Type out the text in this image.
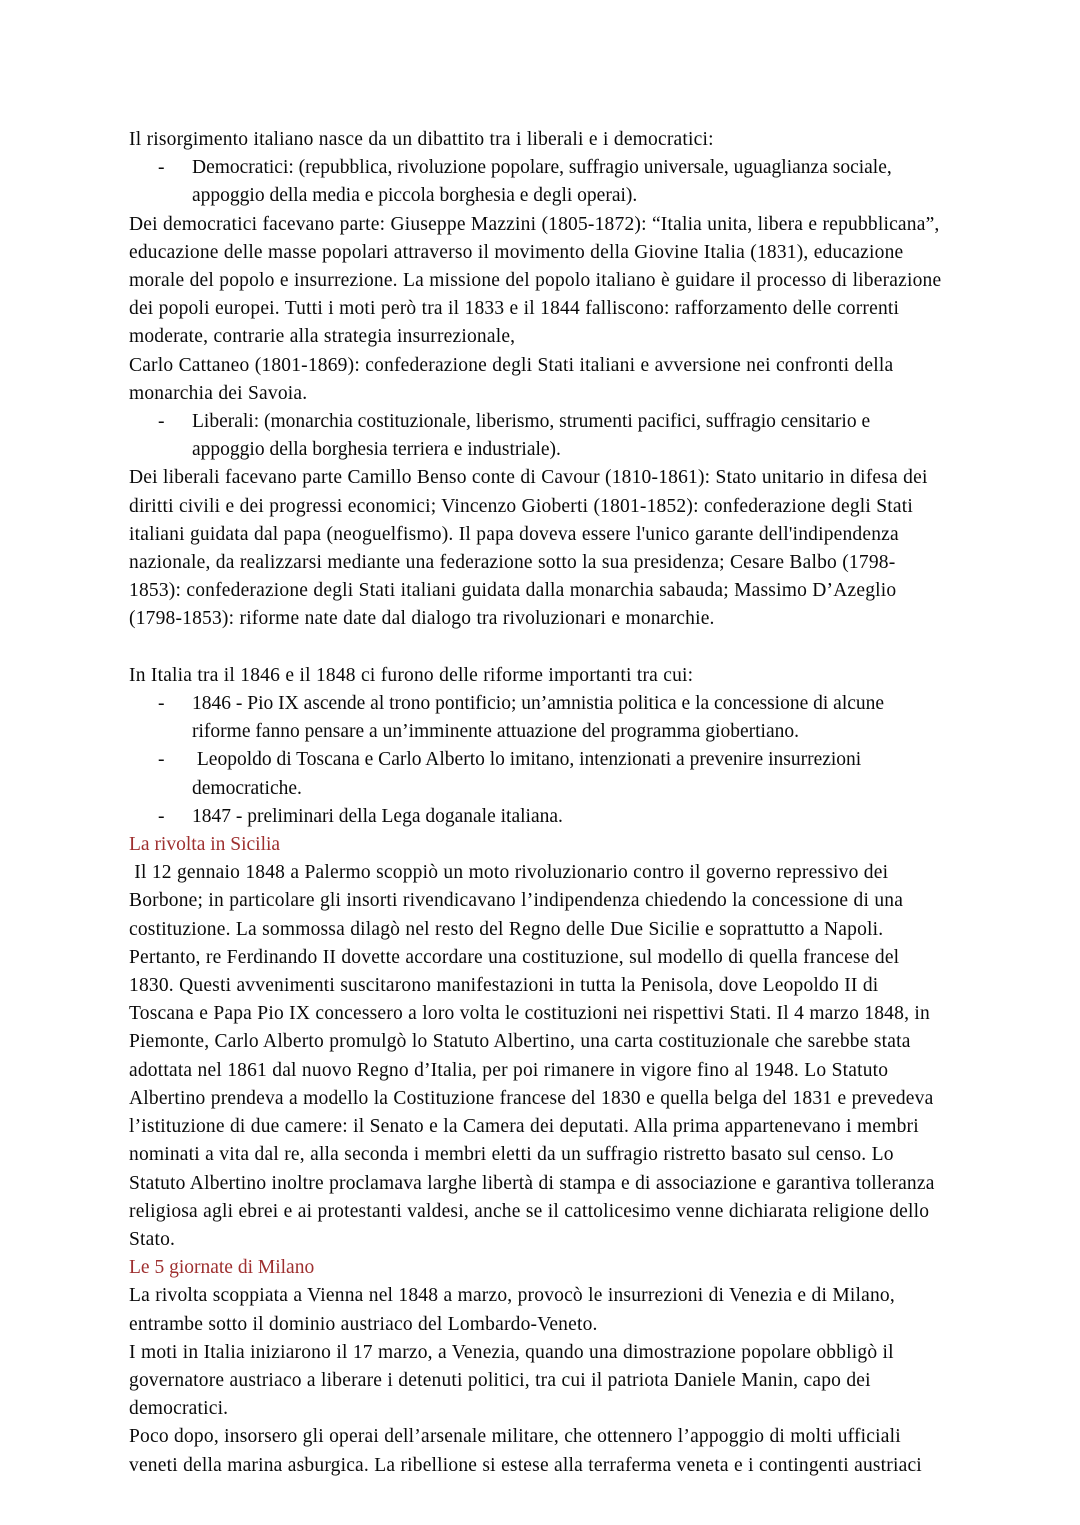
Il risorgimento italiano nasce da un dibattito tra i liberali e i democratici:

- Democratici: (repubblica, rivoluzione popolare, suffragio universale, uguaglianza sociale, appoggio della media e piccola borghesia e degli operai).

Dei democratici facevano parte: Giuseppe Mazzini (1805-1872): “Italia unita, libera e repubblicana”, educazione delle masse popolari attraverso il movimento della Giovine Italia (1831), educazione morale del popolo e insurrezione. La missione del popolo italiano è guidare il processo di liberazione dei popoli europei. Tutti i moti però tra il 1833 e il 1844 falliscono: rafforzamento delle correnti moderate, contrarie alla strategia insurrezionale,

Carlo Cattaneo (1801-1869): confederazione degli Stati italiani e avversione nei confronti della monarchia dei Savoia.

- Liberali: (monarchia costituzionale, liberismo, strumenti pacifici, suffragio censitario e appoggio della borghesia terriera e industriale).

Dei liberali facevano parte Camillo Benso conte di Cavour (1810-1861): Stato unitario in difesa dei diritti civili e dei progressi economici; Vincenzo Gioberti (1801-1852): confederazione degli Stati italiani guidata dal papa (neoguelfismo). Il papa doveva essere l'unico garante dell'indipendenza nazionale, da realizzarsi mediante una federazione sotto la sua presidenza; Cesare Balbo (1798-1853): confederazione degli Stati italiani guidata dalla monarchia sabauda; Massimo D’Azeglio (1798-1853): riforme nate date dal dialogo tra rivoluzionari e monarchie.

In Italia tra il 1846 e il 1848 ci furono delle riforme importanti tra cui:

- 1846 - Pio IX ascende al trono pontificio; un’amnistia politica e la concessione di alcune riforme fanno pensare a un’imminente attuazione del programma giobertiano.
- Leopoldo di Toscana e Carlo Alberto lo imitano, intenzionati a prevenire insurrezioni democratiche.
- 1847 - preliminari della Lega doganale italiana.
La rivolta in Sicilia

Il 12 gennaio 1848 a Palermo scoppiò un moto rivoluzionario contro il governo repressivo dei Borbone; in particolare gli insorti rivendicavano l’indipendenza chiedendo la concessione di una costituzione. La sommossa dilagò nel resto del Regno delle Due Sicilie e soprattutto a Napoli. Pertanto, re Ferdinando II dovette accordare una costituzione, sul modello di quella francese del 1830. Questi avvenimenti suscitarono manifestazioni in tutta la Penisola, dove Leopoldo II di Toscana e Papa Pio IX concessero a loro volta le costituzioni nei rispettivi Stati. Il 4 marzo 1848, in Piemonte, Carlo Alberto promulgò lo Statuto Albertino, una carta costituzionale che sarebbe stata adottata nel 1861 dal nuovo Regno d’Italia, per poi rimanere in vigore fino al 1948. Lo Statuto Albertino prendeva a modello la Costituzione francese del 1830 e quella belga del 1831 e prevedeva l’istituzione di due camere: il Senato e la Camera dei deputati. Alla prima appartenevano i membri nominati a vita dal re, alla seconda i membri eletti da un suffragio ristretto basato sul censo. Lo Statuto Albertino inoltre proclamava larghe libertà di stampa e di associazione e garantiva tolleranza religiosa agli ebrei e ai protestanti valdesi, anche se il cattolicesimo venne dichiarata religione dello Stato.

Le 5 giornate di Milano

La rivolta scoppiata a Vienna nel 1848 a marzo, provocò le insurrezioni di Venezia e di Milano, entrambe sotto il dominio austriaco del Lombardo-Veneto.

I moti in Italia iniziarono il 17 marzo, a Venezia, quando una dimostrazione popolare obbligò il governatore austriaco a liberare i detenuti politici, tra cui il patriota Daniele Manin, capo dei democratici.

Poco dopo, insorsero gli operai dell’arsenale militare, che ottennero l’appoggio di molti ufficiali veneti della marina asburgica. La ribellione si estese alla terraferma veneta e i contingenti austriaci
